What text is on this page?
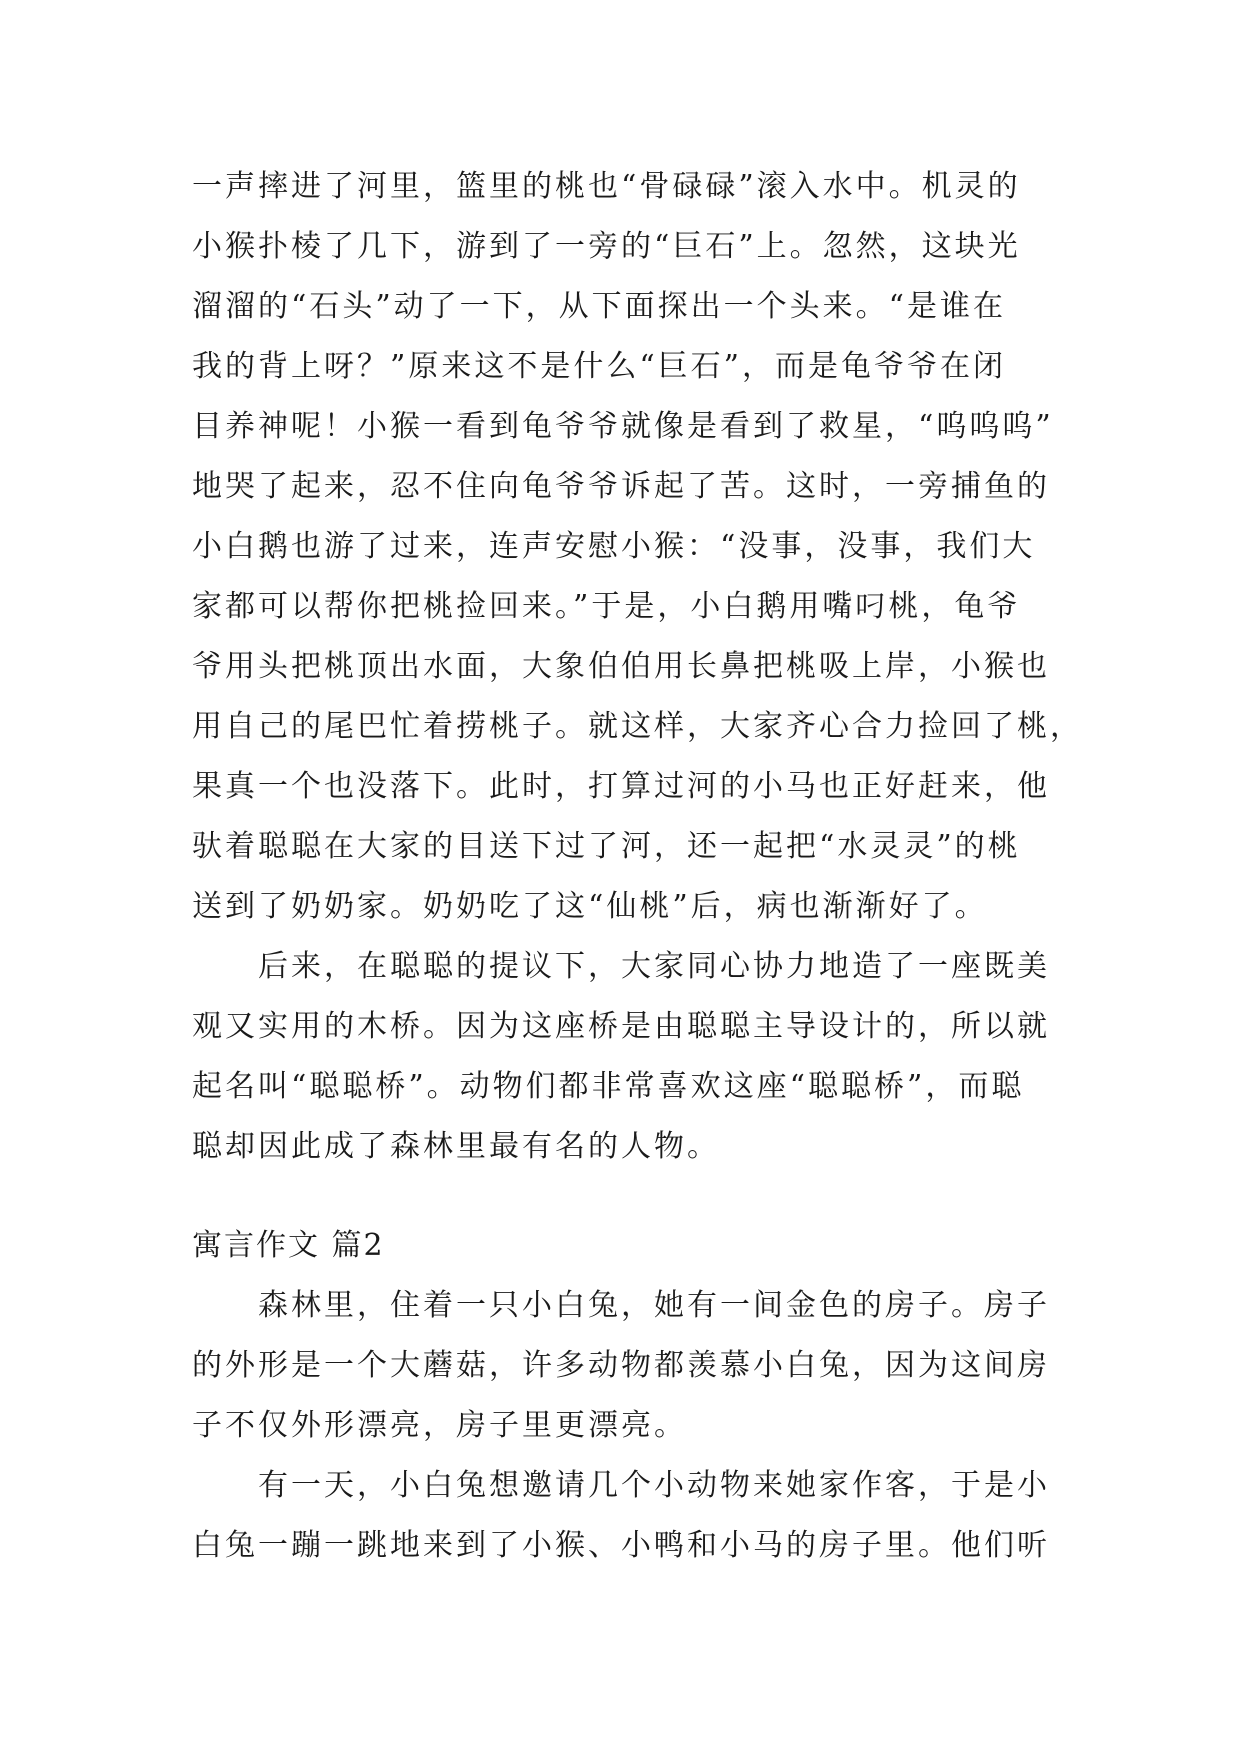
一声摔进了河里，篮里的桃也“骨碌碌”滚入水中。机灵的
小猴扑棱了几下，游到了一旁的“巨石”上。忽然，这块光
溜溜的“石头”动了一下，从下面探出一个头来。“是谁在
我的背上呀？”原来这不是什么“巨石”，而是龟爷爷在闭
目养神呢！小猴一看到龟爷爷就像是看到了救星，“呜呜呜”
地哭了起来，忍不住向龟爷爷诉起了苦。这时，一旁捕鱼的
小白鹅也游了过来，连声安慰小猴：“没事，没事，我们大
家都可以帮你把桃捡回来。”于是，小白鹅用嘴叼桃，龟爷
爷用头把桃顶出水面，大象伯伯用长鼻把桃吸上岸，小猴也
用自己的尾巴忙着捞桃子。就这样，大家齐心合力捡回了桃，
果真一个也没落下。此时，打算过河的小马也正好赶来，他
驮着聪聪在大家的目送下过了河，还一起把“水灵灵”的桃
送到了奶奶家。奶奶吃了这“仙桃”后，病也渐渐好了。
后来，在聪聪的提议下，大家同心协力地造了一座既美
观又实用的木桥。因为这座桥是由聪聪主导设计的，所以就
起名叫“聪聪桥”。动物们都非常喜欢这座“聪聪桥”，而聪
聪却因此成了森林里最有名的人物。
寓言作文 篇2
森林里，住着一只小白兔，她有一间金色的房子。房子
的外形是一个大蘑菇，许多动物都羡慕小白兔，因为这间房
子不仅外形漂亮，房子里更漂亮。
有一天，小白兔想邀请几个小动物来她家作客，于是小
白兔一蹦一跳地来到了小猴、小鸭和小马的房子里。他们听
